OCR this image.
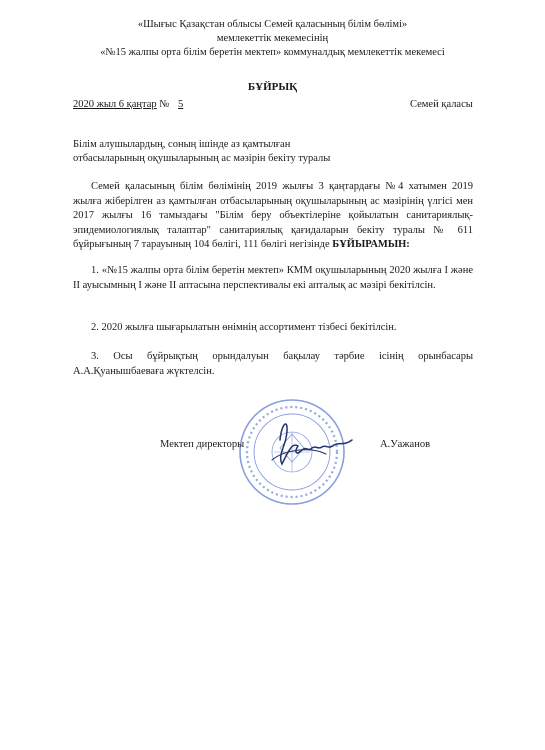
«Шығыс Қазақстан облысы Семей қаласының білім бөлімі»
мемлекеттік мекемесінің
«№15 жалпы орта білім беретін мектеп» коммуналдық мемлекеттік мекемесі
БҰЙРЫҚ
2020 жыл 6 қаңтар № 5	Семей қаласы
Білім алушылардың, соның ішінде аз қамтылған
отбасыларының оқушыларының ас мәзірін бекіту туралы
Семей қаласының білім бөлімінің 2019 жылғы 3 қаңтардағы №4 хатымен 2019 жылға жіберілген аз қамтылған отбасыларының оқушыларының ас мәзірінің үлгісі мен 2017 жылғы 16 тамыздағы "Білім беру объектілеріне қойылатын санитариялық-эпидемиологиялық талаптар" санитариялық қағидаларын бекіту туралы № 611 бұйрығының 7 тарауының 104 бөлігі, 111 бөлігі негізінде БҰЙЫРАМЫН:
1. «№15 жалпы орта білім беретін мектеп» КММ оқушыларының 2020 жылға I және II ауысымның I және II аптасына перспективалы екі апталық ас мәзірі бекітілсін.
2. 2020 жылға шығарылатын өнімнің ассортимент тізбесі бекітілсін.
3. Осы бұйрықтың орындалуын бақылау тәрбие ісінің орынбасары А.А.Қуанышбаеваға жүктелсін.
Мектеп директоры	А.Уажанов
